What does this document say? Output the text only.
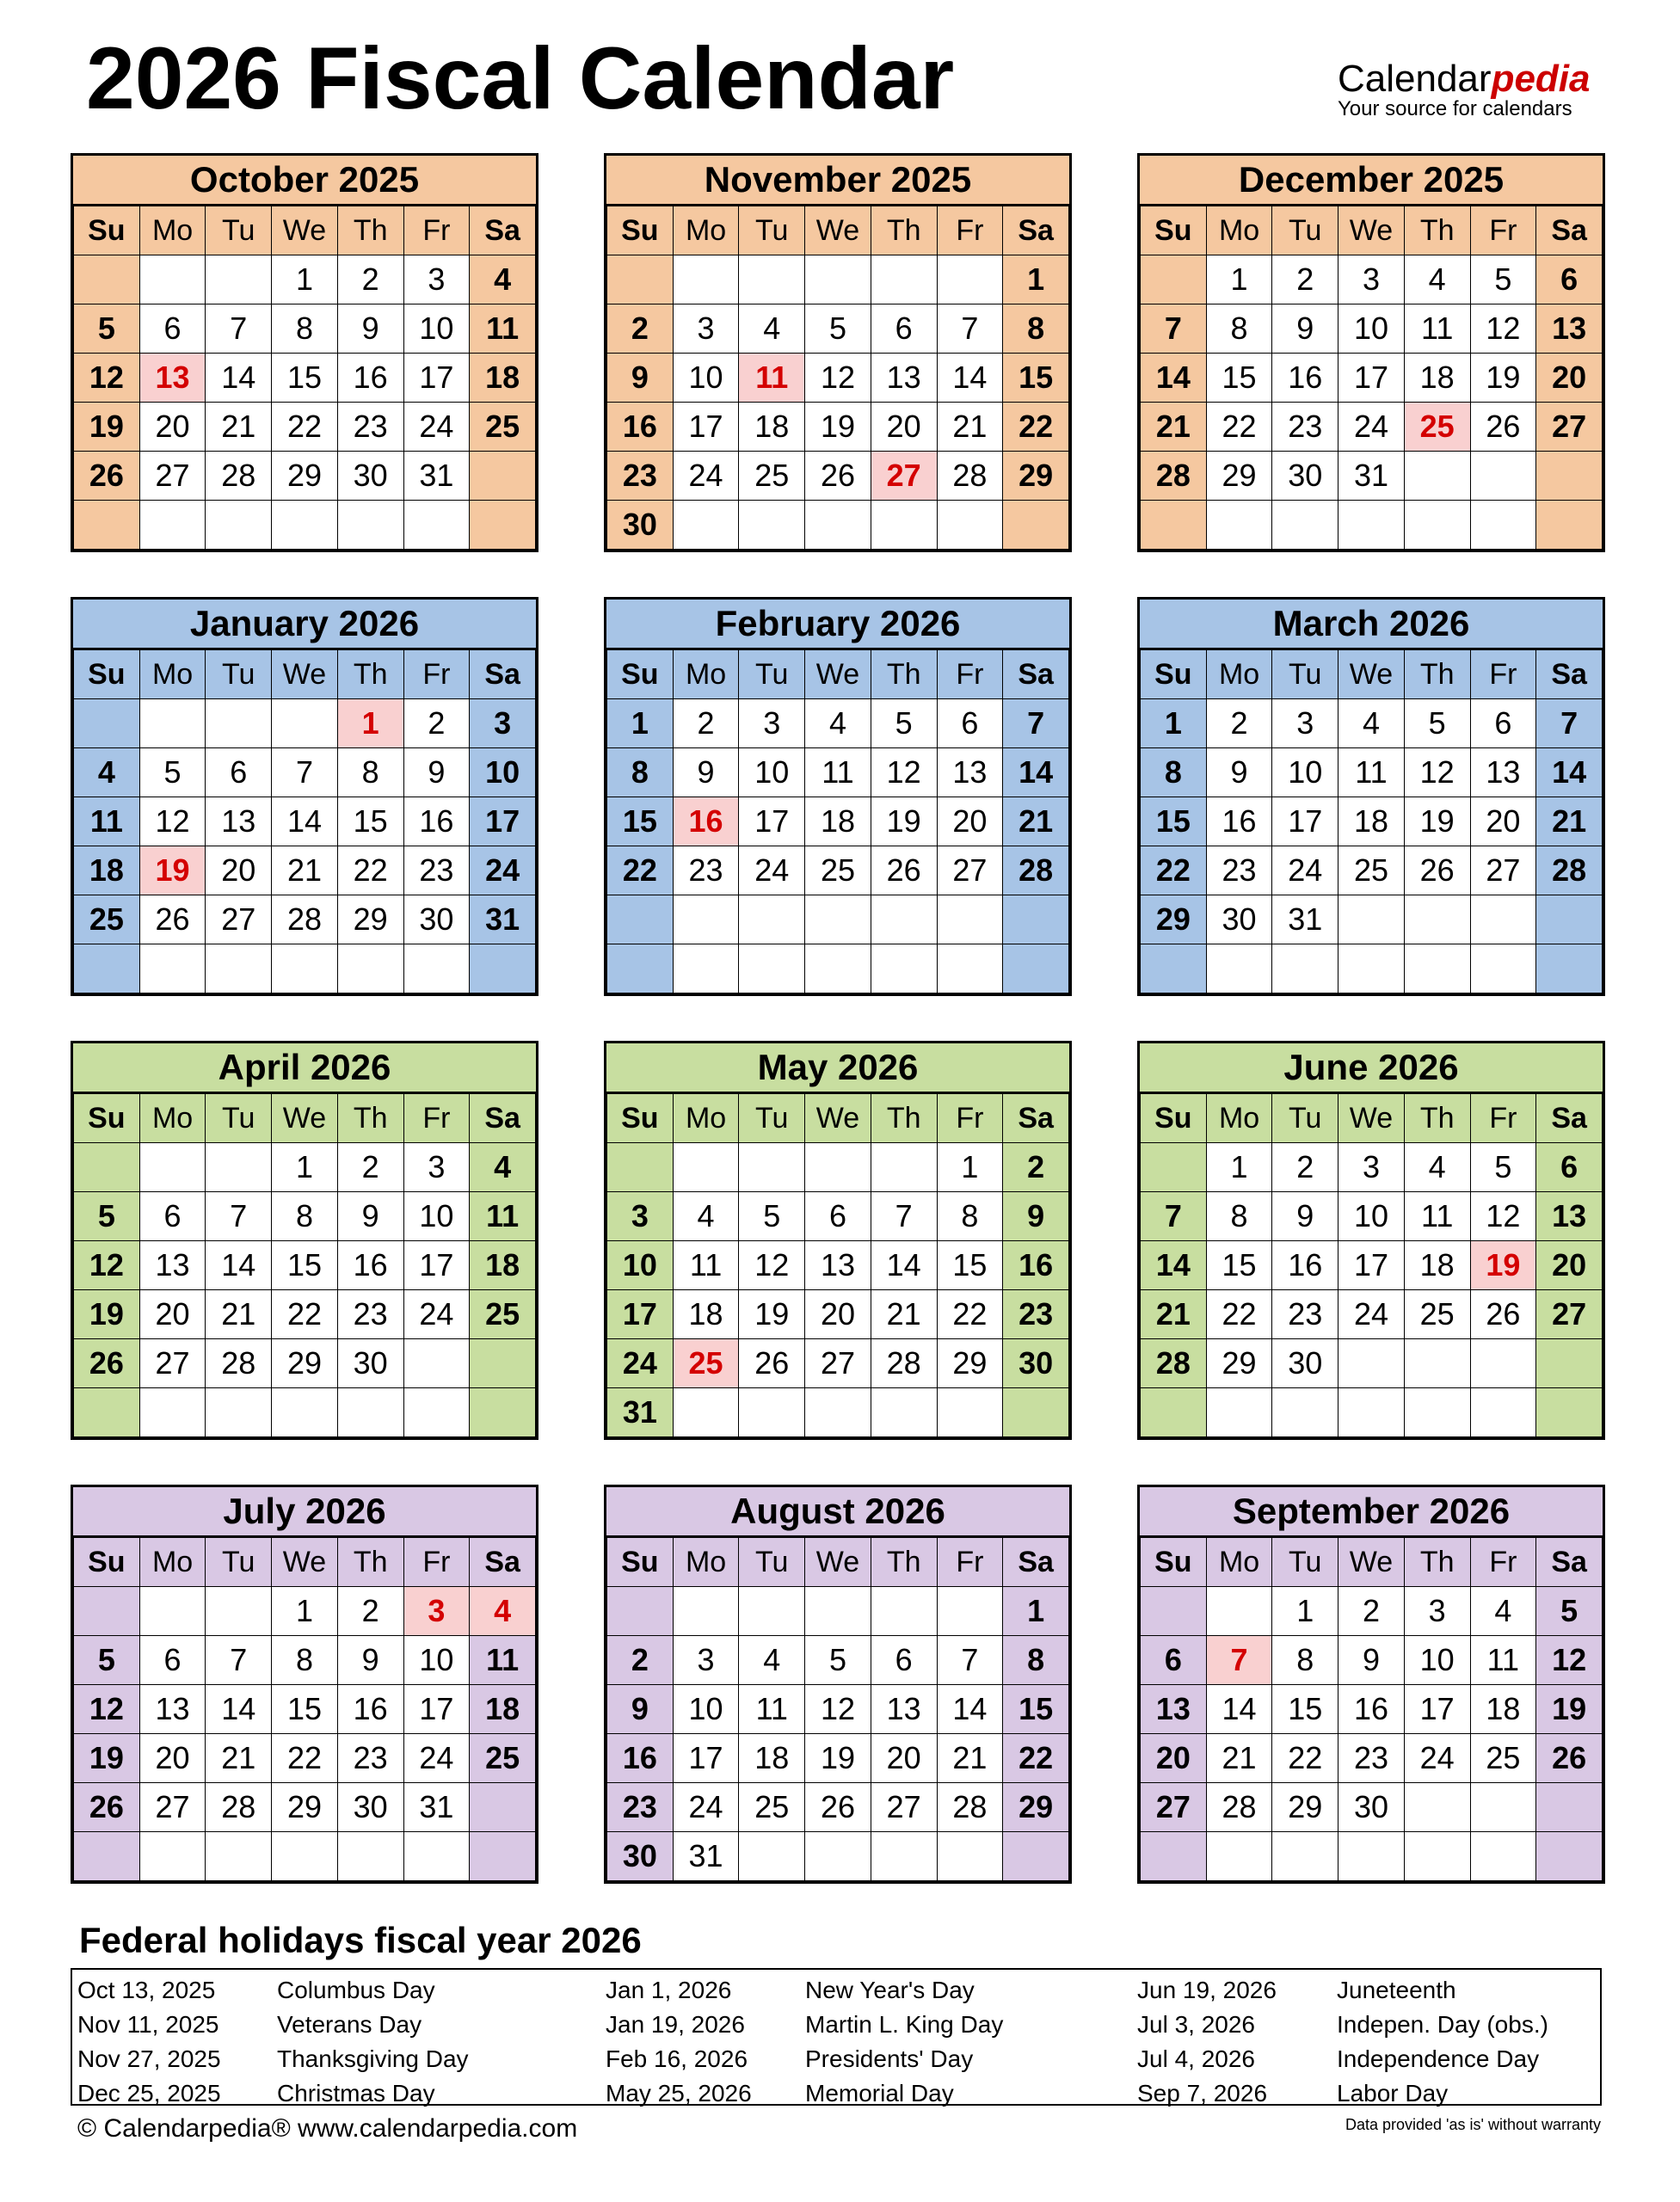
2026 Fiscal Calendar	Calendarpedia
Your source for calendars
October 2025
Su	Mo	Tu	We	Th	Fr	Sa
			1	2	3	4
5	6	7	8	9	10	11
12	13	14	15	16	17	18
19	20	21	22	23	24	25
26	27	28	29	30	31	

November 2025
Su	Mo	Tu	We	Th	Fr	Sa
						1
2	3	4	5	6	7	8
9	10	11	12	13	14	15
16	17	18	19	20	21	22
23	24	25	26	27	28	29
30						
December 2025
Su	Mo	Tu	We	Th	Fr	Sa
	1	2	3	4	5	6
7	8	9	10	11	12	13
14	15	16	17	18	19	20
21	22	23	24	25	26	27
28	29	30	31			

January 2026
Su	Mo	Tu	We	Th	Fr	Sa
				1	2	3
4	5	6	7	8	9	10
11	12	13	14	15	16	17
18	19	20	21	22	23	24
25	26	27	28	29	30	31

February 2026
Su	Mo	Tu	We	Th	Fr	Sa
1	2	3	4	5	6	7
8	9	10	11	12	13	14
15	16	17	18	19	20	21
22	23	24	25	26	27	28

March 2026
Su	Mo	Tu	We	Th	Fr	Sa
1	2	3	4	5	6	7
8	9	10	11	12	13	14
15	16	17	18	19	20	21
22	23	24	25	26	27	28
29	30	31				

April 2026
Su	Mo	Tu	We	Th	Fr	Sa
			1	2	3	4
5	6	7	8	9	10	11
12	13	14	15	16	17	18
19	20	21	22	23	24	25
26	27	28	29	30		

May 2026
Su	Mo	Tu	We	Th	Fr	Sa
					1	2
3	4	5	6	7	8	9
10	11	12	13	14	15	16
17	18	19	20	21	22	23
24	25	26	27	28	29	30
31						
June 2026
Su	Mo	Tu	We	Th	Fr	Sa
	1	2	3	4	5	6
7	8	9	10	11	12	13
14	15	16	17	18	19	20
21	22	23	24	25	26	27
28	29	30				

July 2026
Su	Mo	Tu	We	Th	Fr	Sa
			1	2	3	4
5	6	7	8	9	10	11
12	13	14	15	16	17	18
19	20	21	22	23	24	25
26	27	28	29	30	31	

August 2026
Su	Mo	Tu	We	Th	Fr	Sa
						1
2	3	4	5	6	7	8
9	10	11	12	13	14	15
16	17	18	19	20	21	22
23	24	25	26	27	28	29
30	31					
September 2026
Su	Mo	Tu	We	Th	Fr	Sa
		1	2	3	4	5
6	7	8	9	10	11	12
13	14	15	16	17	18	19
20	21	22	23	24	25	26
27	28	29	30			

Federal holidays fiscal year 2026
Oct 13, 2025	Columbus Day
Nov 11, 2025 Veterans Day
Nov 27, 2025 Thanksgiving Day
Dec 25, 2025 Christmas Day
Jan 1, 2026	New Year's Day
Jan 19, 2026	Martin L. King Day
Feb 16, 2026 Presidents' Day
May 25, 2026 Memorial Day
Jun 19, 2026	Juneteenth
Jul 3, 2026	Indepen. Day (obs.)
Jul 4, 2026	Independence Day
Sep 7, 2026	Labor Day
© Calendarpedia® www.calendarpedia.com	Data provided 'as is' without warranty
